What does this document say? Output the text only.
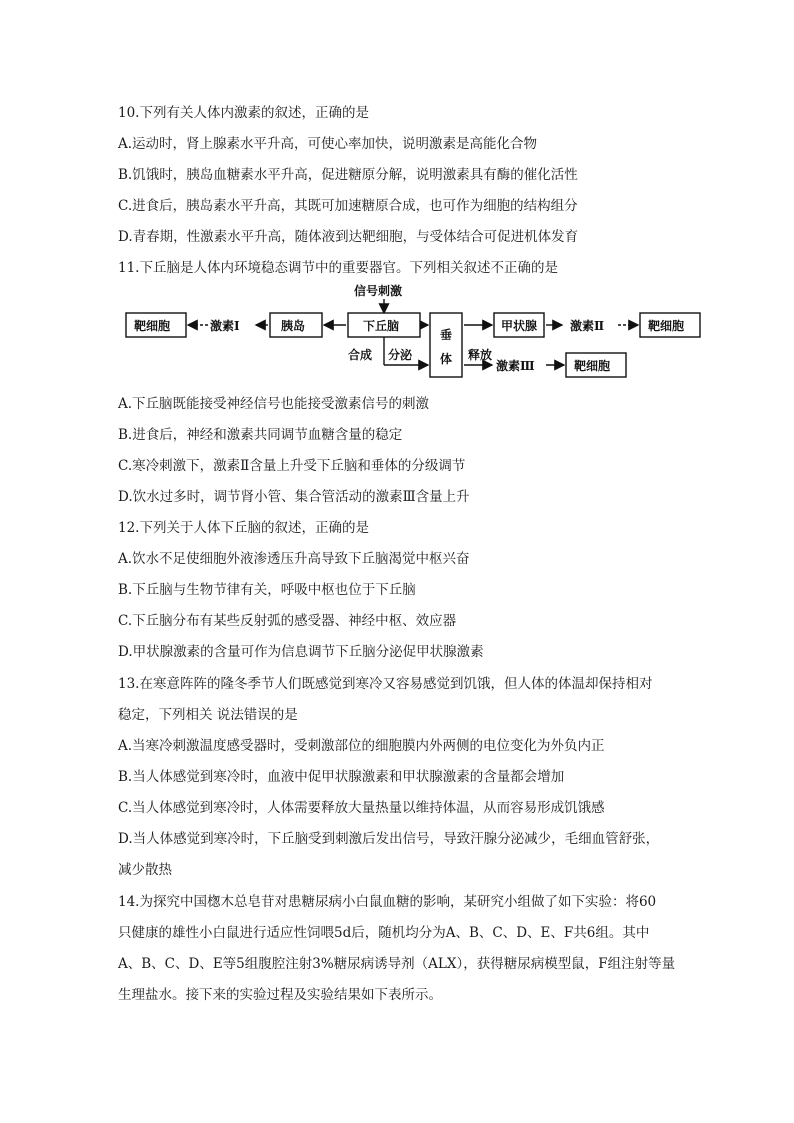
10.下列有关人体内激素的叙述，正确的是
A.运动时，肾上腺素水平升高，可使心率加快，说明激素是高能化合物
B.饥饿时，胰岛血糖素水平升高，促进糖原分解，说明激素具有酶的催化活性
C.进食后，胰岛素水平升高，其既可加速糖原合成，也可作为细胞的结构组分
D.青春期，性激素水平升高，随体液到达靶细胞，与受体结合可促进机体发育
11.下丘脑是人体内环境稳态调节中的重要器官。下列相关叙述不正确的是
信号刺激
靶细胞	激素Ⅰ	胰岛	下丘脑
垂
体
甲状腺	激素Ⅱ	靶细胞
合成 分泌	释放
激素Ⅲ	靶细胞
A.下丘脑既能接受神经信号也能接受激素信号的刺激
B.进食后，神经和激素共同调节血糖含量的稳定
C.寒冷刺激下，激素Ⅱ含量上升受下丘脑和垂体的分级调节
D.饮水过多时，调节肾小管、集合管活动的激素Ⅲ含量上升
12.下列关于人体下丘脑的叙述，正确的是
A.饮水不足使细胞外液渗透压升高导致下丘脑渴觉中枢兴奋
B.下丘脑与生物节律有关，呼吸中枢也位于下丘脑
C.下丘脑分布有某些反射弧的感受器、神经中枢、效应器
D.甲状腺激素的含量可作为信息调节下丘脑分泌促甲状腺激素
13.在寒意阵阵的隆冬季节人们既感觉到寒冷又容易感觉到饥饿，但人体的体温却保持相对
稳定，下列相关 说法错误的是
A.当寒冷刺激温度感受器时，受刺激部位的细胞膜内外两侧的电位变化为外负内正
B.当人体感觉到寒冷时，血液中促甲状腺激素和甲状腺激素的含量都会增加
C.当人体感觉到寒冷时，人体需要释放大量热量以维持体温，从而容易形成饥饿感
D.当人体感觉到寒冷时，下丘脑受到刺激后发出信号，导致汗腺分泌减少，毛细血管舒张，
减少散热
14.为探究中国楤木总皂苷对患糖尿病小白鼠血糖的影响，某研究小组做了如下实验：将60
只健康的雄性小白鼠进行适应性饲喂5d后，随机均分为A、B、C、D、E、F共6组。其中
A、B、C、D、E等5组腹腔注射3%糖尿病诱导剂（ALX），获得糖尿病模型鼠，F组注射等量
生理盐水。接下来的实验过程及实验结果如下表所示。
